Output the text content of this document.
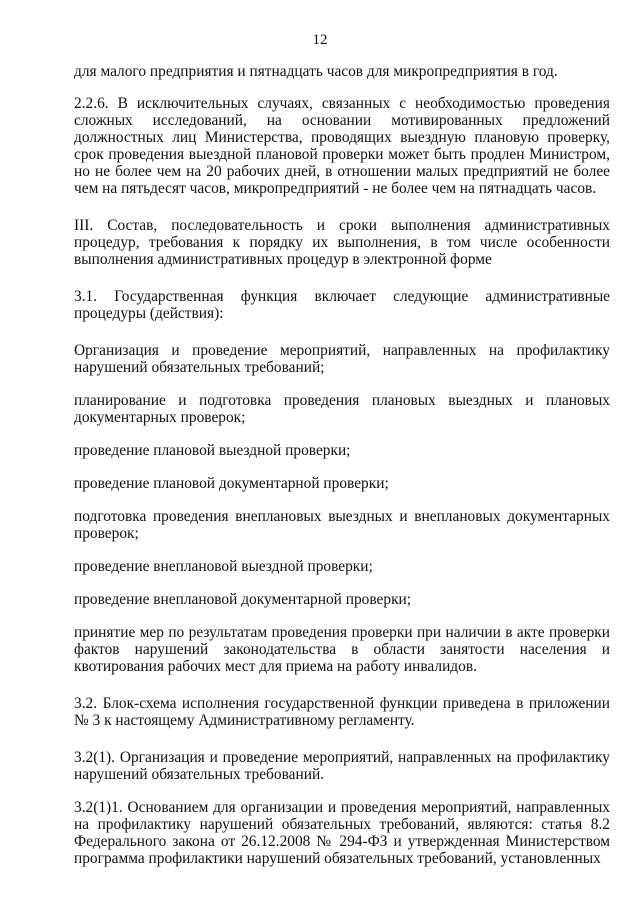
12

для малого предприятия и пятнадцать часов для микропредприятия в год.

2.2.6. В исключительных случаях, связанных с необходимостью проведения сложных исследований, на основании мотивированных предложений должностных лиц Министерства, проводящих выездную плановую проверку, срок проведения выездной плановой проверки может быть продлен Министром, но не более чем на 20 рабочих дней, в отношении малых предприятий не более чем на пятьдесят часов, микропредприятий - не более чем на пятнадцать часов.

III. Состав, последовательность и сроки выполнения административных процедур, требования к порядку их выполнения, в том числе особенности выполнения административных процедур в электронной форме

3.1. Государственная функция включает следующие административные процедуры (действия):

Организация и проведение мероприятий, направленных на профилактику нарушений обязательных требований;

планирование и подготовка проведения плановых выездных и плановых документарных проверок;

проведение плановой выездной проверки;

проведение плановой документарной проверки;

подготовка проведения внеплановых выездных и внеплановых документарных проверок;

проведение внеплановой выездной проверки;

проведение внеплановой документарной проверки;

принятие мер по результатам проведения проверки при наличии в акте проверки фактов нарушений законодательства в области занятости населения и квотирования рабочих мест для приема на работу инвалидов.

3.2. Блок-схема исполнения государственной функции приведена в приложении № 3 к настоящему Административному регламенту.

3.2(1). Организация и проведение мероприятий, направленных на профилактику нарушений обязательных требований.

3.2(1)1. Основанием для организации и проведения мероприятий, направленных на профилактику нарушений обязательных требований, являются: статья 8.2 Федерального закона от 26.12.2008 № 294-ФЗ и утвержденная Министерством программа профилактики нарушений обязательных требований, установленных
